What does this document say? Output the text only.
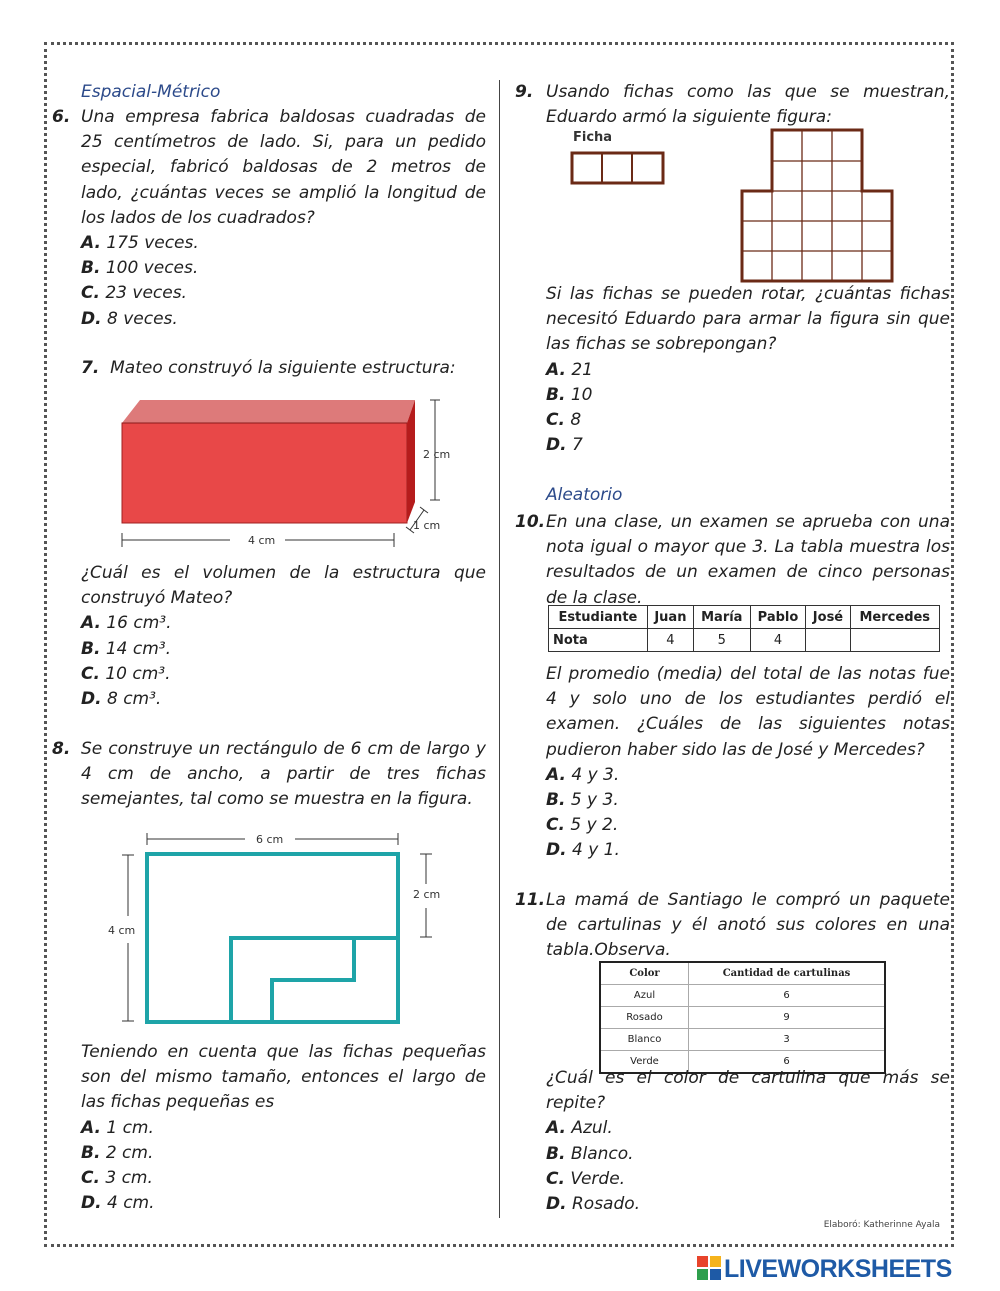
Espacial-Métrico

6. Una empresa fabrica baldosas cuadradas de

25 centímetros de lado. Si, para un pedido

especial, fabricó baldosas de 2 metros de

lado, ¿cuántas veces se amplió la longitud de

los lados de los cuadrados?

A. 175 veces.

B. 100 veces.

C. 23 veces.

D. 8 veces.

7. Mateo construyó la siguiente estructura:

2 cm
1 cm
4 cm

¿Cuál es el volumen de la estructura que

construyó Mateo?

A. 16 cm³.

B. 14 cm³.

C. 10 cm³.

D. 8 cm³.

8. Se construye un rectángulo de 6 cm de largo y

4 cm de ancho, a partir de tres fichas

semejantes, tal como se muestra en la figura.

6 cm
4 cm
2 cm

Teniendo en cuenta que las fichas pequeñas

son del mismo tamaño, entonces el largo de

las fichas pequeñas es

A. 1 cm.

B. 2 cm.

C. 3 cm.

D. 4 cm.

9. Usando fichas como las que se muestran,

Eduardo armó la siguiente figura:

Ficha

Si las fichas se pueden rotar, ¿cuántas fichas

necesitó Eduardo para armar la figura sin que

las fichas se sobrepongan?

A. 21

B. 10

C. 8

D. 7

Aleatorio

10. En una clase, un examen se aprueba con una

nota igual o mayor que 3. La tabla muestra los

resultados de un examen de cinco personas

de la clase.

Estudiante	Juan	María	Pablo	José	Mercedes
Nota	4	5	4		

El promedio (media) del total de las notas fue

4 y solo uno de los estudiantes perdió el

examen. ¿Cuáles de las siguientes notas

pudieron haber sido las de José y Mercedes?

A. 4 y 3.

B. 5 y 3.

C. 5 y 2.

D. 4 y 1.

11. La mamá de Santiago le compró un paquete

de cartulinas y él anotó sus colores en una

tabla.Observa.

Color	Cantidad de cartulinas
Azul	6
Rosado	9
Blanco	3
Verde	6

¿Cuál es el color de cartulina que más se

repite?

A. Azul.

B. Blanco.

C. Verde.

D. Rosado.

Elaboró: Katherinne Ayala
LIVEWORKSHEETS
